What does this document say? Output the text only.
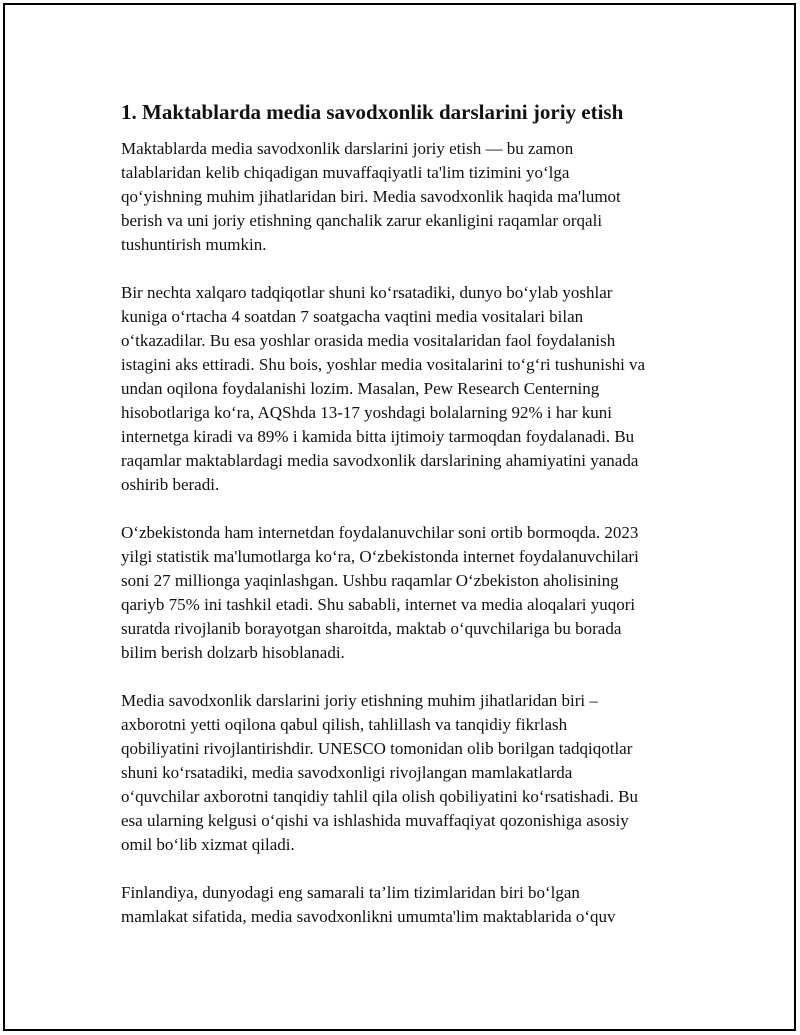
1. Maktablarda media savodxonlik darslarini joriy etish

Maktablarda media savodxonlik darslarini joriy etish — bu zamon
talablaridan kelib chiqadigan muvaffaqiyatli ta'lim tizimini yo‘lga
qo‘yishning muhim jihatlaridan biri. Media savodxonlik haqida ma'lumot
berish va uni joriy etishning qanchalik zarur ekanligini raqamlar orqali
tushuntirish mumkin.

Bir nechta xalqaro tadqiqotlar shuni ko‘rsatadiki, dunyo bo‘ylab yoshlar
kuniga o‘rtacha 4 soatdan 7 soatgacha vaqtini media vositalari bilan
o‘tkazadilar. Bu esa yoshlar orasida media vositalaridan faol foydalanish
istagini aks ettiradi. Shu bois, yoshlar media vositalarini to‘g‘ri tushunishi va
undan oqilona foydalanishi lozim. Masalan, Pew Research Centerning
hisobotlariga ko‘ra, AQShda 13-17 yoshdagi bolalarning 92% i har kuni
internetga kiradi va 89% i kamida bitta ijtimoiy tarmoqdan foydalanadi. Bu
raqamlar maktablardagi media savodxonlik darslarining ahamiyatini yanada
oshirib beradi.

O‘zbekistonda ham internetdan foydalanuvchilar soni ortib bormoqda. 2023
yilgi statistik ma'lumotlarga ko‘ra, O‘zbekistonda internet foydalanuvchilari
soni 27 millionga yaqinlashgan. Ushbu raqamlar O‘zbekiston aholisining
qariyb 75% ini tashkil etadi. Shu sababli, internet va media aloqalari yuqori
suratda rivojlanib borayotgan sharoitda, maktab o‘quvchilariga bu borada
bilim berish dolzarb hisoblanadi.

Media savodxonlik darslarini joriy etishning muhim jihatlaridan biri –
axborotni yetti oqilona qabul qilish, tahlillash va tanqidiy fikrlash
qobiliyatini rivojlantirishdir. UNESCO tomonidan olib borilgan tadqiqotlar
shuni ko‘rsatadiki, media savodxonligi rivojlangan mamlakatlarda
o‘quvchilar axborotni tanqidiy tahlil qila olish qobiliyatini ko‘rsatishadi. Bu
esa ularning kelgusi o‘qishi va ishlashida muvaffaqiyat qozonishiga asosiy
omil bo‘lib xizmat qiladi.

Finlandiya, dunyodagi eng samarali ta’lim tizimlaridan biri bo‘lgan
mamlakat sifatida, media savodxonlikni umumta'lim maktablarida o‘quv
